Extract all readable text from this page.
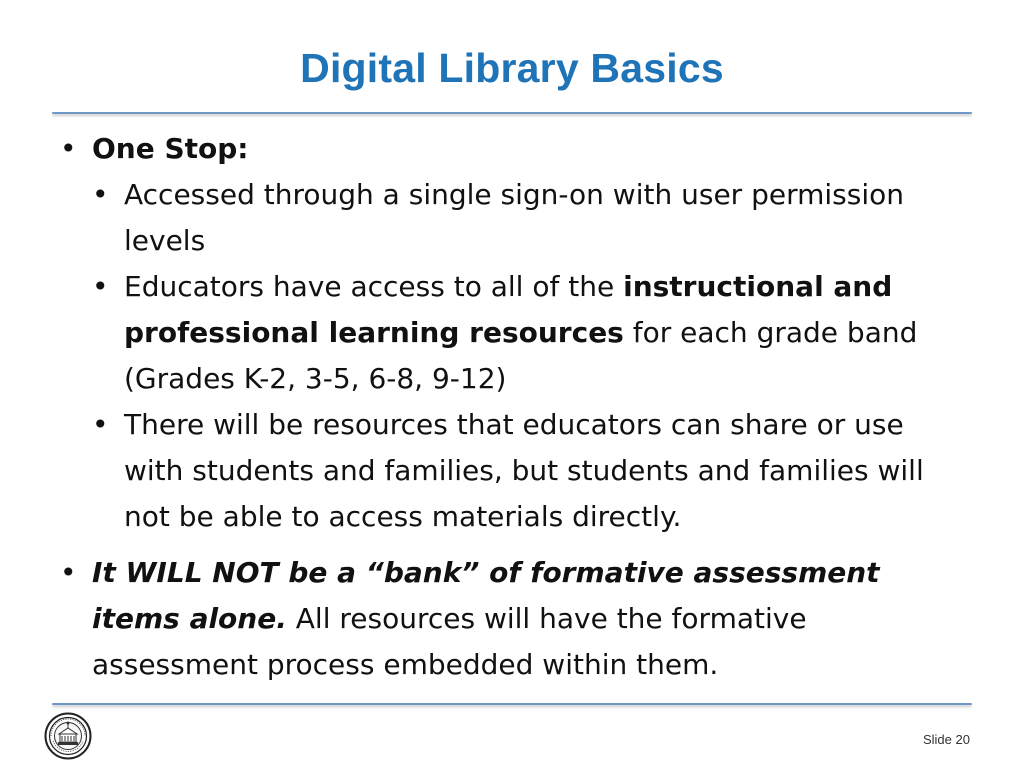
Digital Library Basics
• One Stop:
• Accessed through a single sign-on with user permission levels
• Educators have access to all of the instructional and professional learning resources for each grade band (Grades K-2, 3-5, 6-8, 9-12)
• There will be resources that educators can share or use with students and families, but students and families will not be able to access materials directly.
• It WILL NOT be a “bank” of formative assessment items alone. All resources will have the formative assessment process embedded within them.
Slide 20
